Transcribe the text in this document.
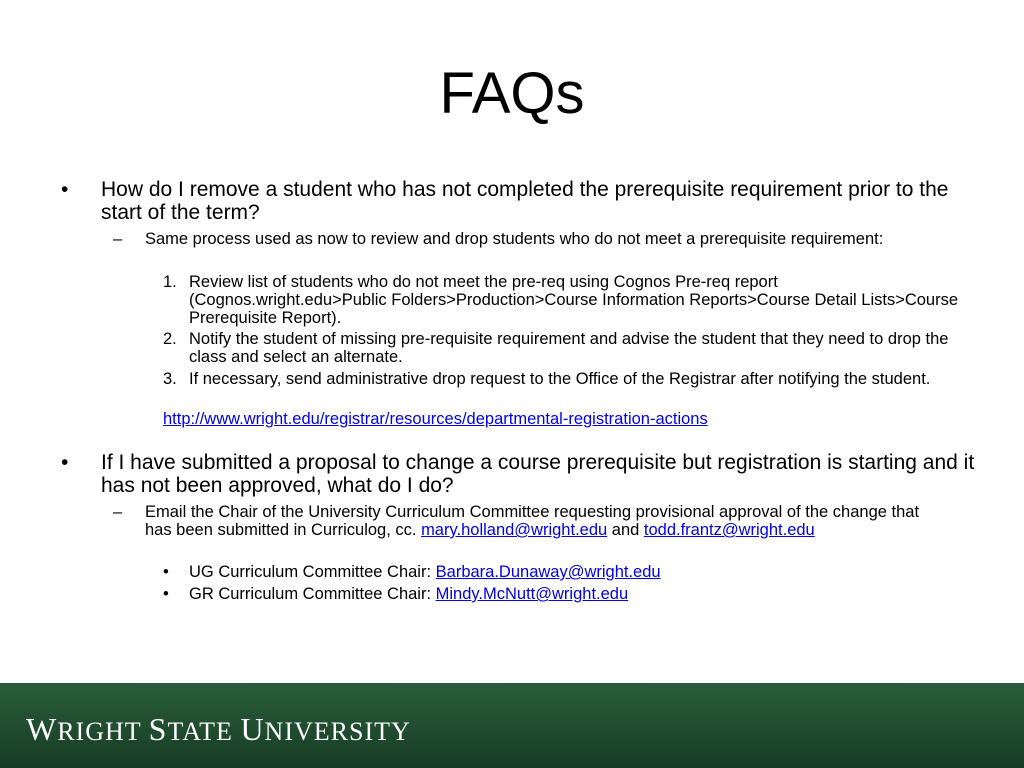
FAQs
• How do I remove a student who has not completed the prerequisite requirement prior to the start of the term?
– Same process used as now to review and drop students who do not meet a prerequisite requirement:
1. Review list of students who do not meet the pre-req using Cognos Pre-req report (Cognos.wright.edu>Public Folders>Production>Course Information Reports>Course Detail Lists>Course Prerequisite Report).
2. Notify the student of missing pre-requisite requirement and advise the student that they need to drop the class and select an alternate.
3. If necessary, send administrative drop request to the Office of the Registrar after notifying the student.
http://www.wright.edu/registrar/resources/departmental-registration-actions
• If I have submitted a proposal to change a course prerequisite but registration is starting and it has not been approved, what do I do?
– Email the Chair of the University Curriculum Committee requesting provisional approval of the change that has been submitted in Curriculog, cc. mary.holland@wright.edu and todd.frantz@wright.edu
• UG Curriculum Committee Chair: Barbara.Dunaway@wright.edu
• GR Curriculum Committee Chair: Mindy.McNutt@wright.edu
WRIGHT STATE UNIVERSITY
